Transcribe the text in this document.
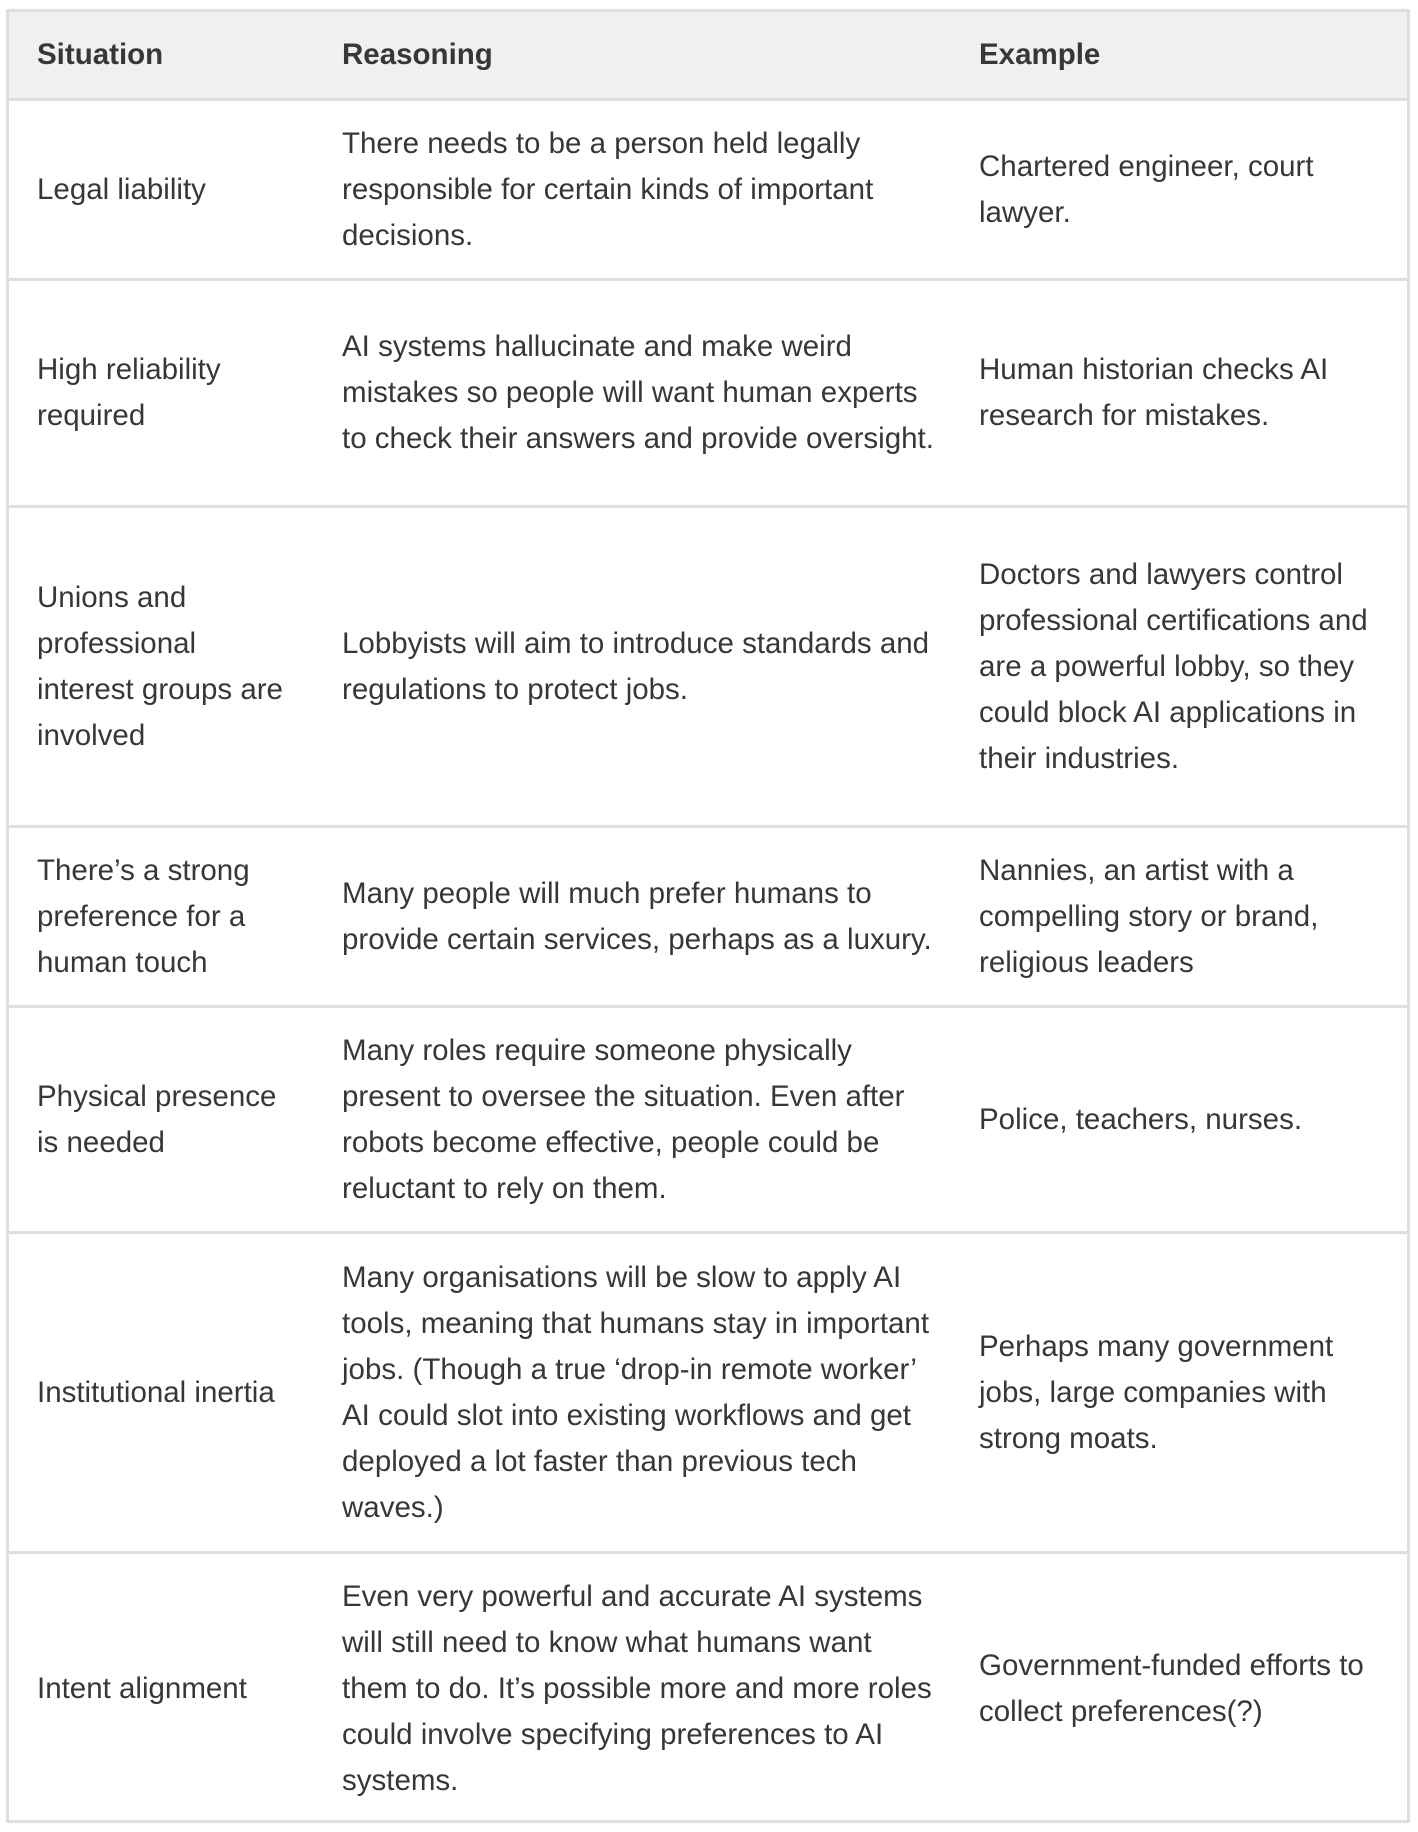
Situation	Reasoning	Example
Legal liability	There needs to be a person held legally responsible for certain kinds of important decisions.	Chartered engineer, court lawyer.
High reliability required	AI systems hallucinate and make weird mistakes so people will want human experts to check their answers and provide oversight.	Human historian checks AI research for mistakes.
Unions and professional interest groups are involved	Lobbyists will aim to introduce standards and regulations to protect jobs.	Doctors and lawyers control professional certifications and are a powerful lobby, so they could block AI applications in their industries.
There’s a strong preference for a human touch	Many people will much prefer humans to provide certain services, perhaps as a luxury.	Nannies, an artist with a compelling story or brand, religious leaders
Physical presence is needed	Many roles require someone physically present to oversee the situation. Even after robots become effective, people could be reluctant to rely on them.	Police, teachers, nurses.
Institutional inertia	Many organisations will be slow to apply AI tools, meaning that humans stay in important jobs. (Though a true ‘drop-in remote worker’ AI could slot into existing workflows and get deployed a lot faster than previous tech waves.)	Perhaps many government jobs, large companies with strong moats.
Intent alignment	Even very powerful and accurate AI systems will still need to know what humans want them to do. It’s possible more and more roles could involve specifying preferences to AI systems.	Government-funded efforts to collect preferences(?)
